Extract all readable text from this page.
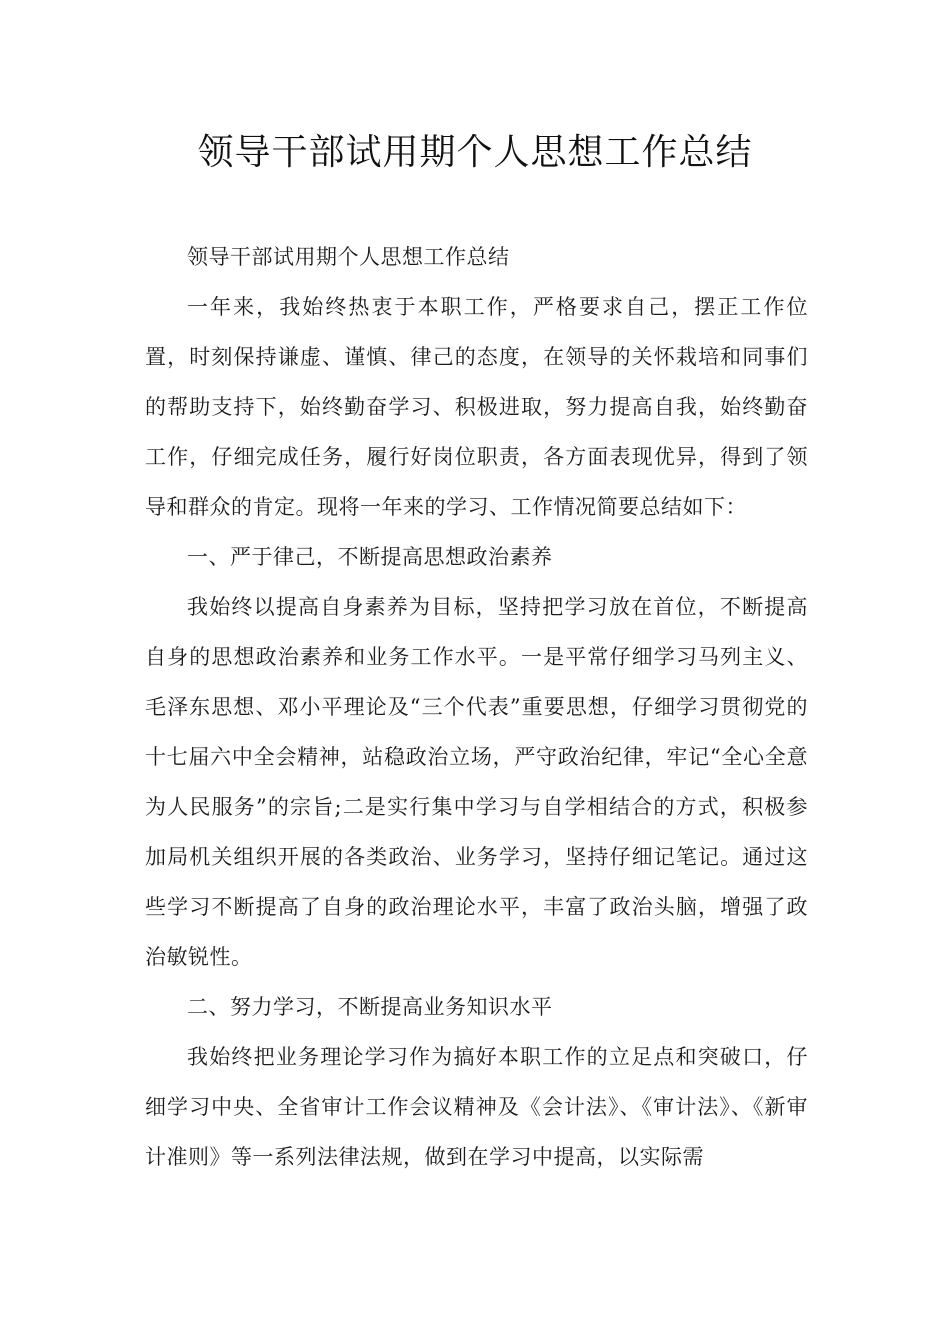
领导干部试用期个人思想工作总结

领导干部试用期个人思想工作总结

一年来，我始终热衷于本职工作，严格要求自己，摆正工作位置，时刻保持谦虚、谨慎、律己的态度，在领导的关怀栽培和同事们的帮助支持下，始终勤奋学习、积极进取，努力提高自我，始终勤奋工作，仔细完成任务，履行好岗位职责，各方面表现优异，得到了领导和群众的肯定。现将一年来的学习、工作情况简要总结如下：

一、严于律己，不断提高思想政治素养

我始终以提高自身素养为目标，坚持把学习放在首位，不断提高自身的思想政治素养和业务工作水平。一是平常仔细学习马列主义、毛泽东思想、邓小平理论及“三个代表”重要思想，仔细学习贯彻党的十七届六中全会精神，站稳政治立场，严守政治纪律，牢记“全心全意为人民服务”的宗旨;二是实行集中学习与自学相结合的方式，积极参加局机关组织开展的各类政治、业务学习，坚持仔细记笔记。通过这些学习不断提高了自身的政治理论水平，丰富了政治头脑，增强了政治敏锐性。

二、努力学习，不断提高业务知识水平

我始终把业务理论学习作为搞好本职工作的立足点和突破口，仔细学习中央、全省审计工作会议精神及《会计法》、《审计法》、《新审计准则》等一系列法律法规，做到在学习中提高，以实际需
